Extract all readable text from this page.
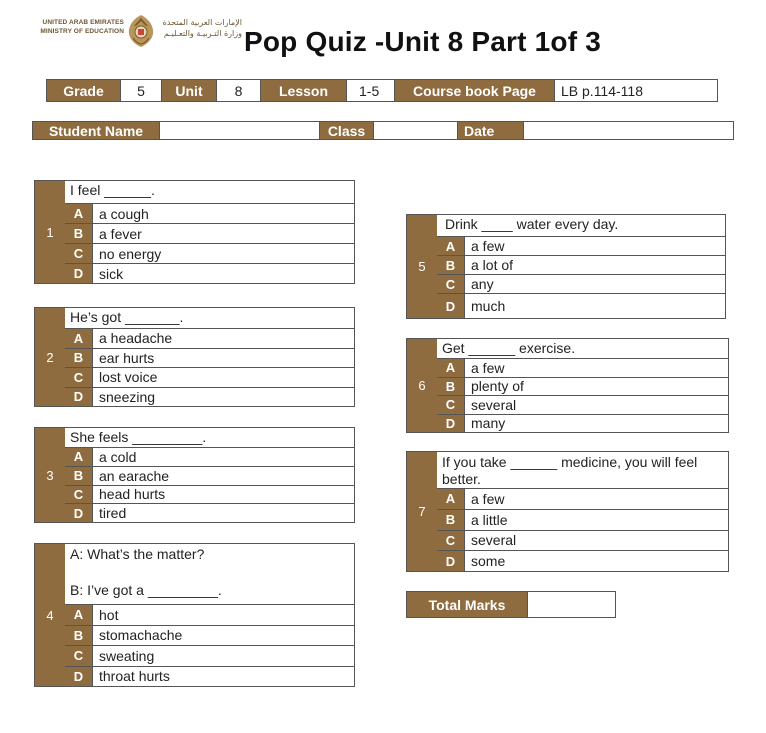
UNITED ARAB EMIRATES
MINISTRY OF EDUCATION
الإمارات العربية المتحدة
وزارة التـربيـة والتعـليـم Pop Quiz -Unit 8 Part 1of 3
Grade	5	Unit	8	Lesson	1-5	Course book Page	LB p.114-118
Student Name	Class	Date
1
I feel ______.
A	a cough
B	a fever
C	no energy
D	sick
2
He’s got _______.
A	a headache
B	ear hurts
C	lost voice
D	sneezing
3
She feels _________.
A	a cold
B	an earache
C	head hurts
D	tired
4
A: What’s the matter?
B: I’ve got a _________.
A	hot
B	stomachache
C	sweating
D	throat hurts
5
Drink ____ water every day.
A	a few
B	a lot of
C	any
D	much
6
Get ______ exercise.
A	a few
B	plenty of
C	several
D	many
7
If you take ______ medicine, you will feel better.
A	a few
B	a little
C	several
D	some
Total Marks
